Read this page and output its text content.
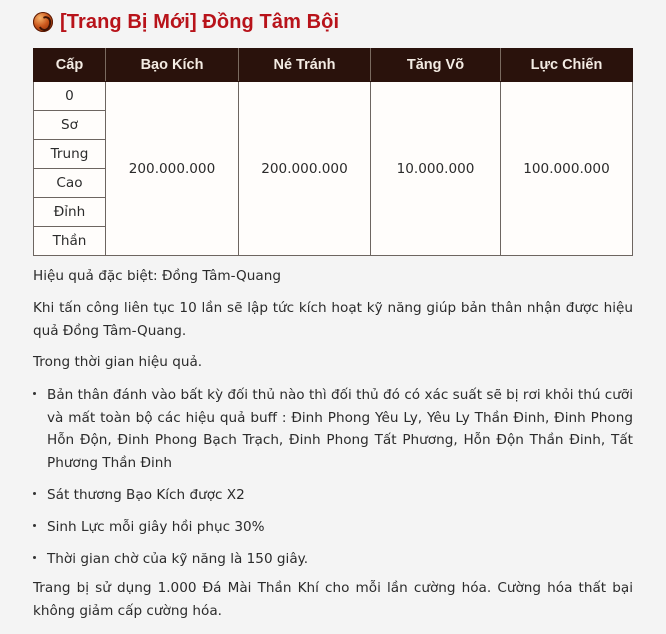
[Trang Bị Mới] Đồng Tâm Bội
Cấp	Bạo Kích	Né Tránh	Tăng Võ	Lực Chiến
0	200.000.000	200.000.000	10.000.000	100.000.000
Sơ				
Trung				
Cao				
Đỉnh				
Thần				

Hiệu quả đặc biệt: Đồng Tâm-Quang

Khi tấn công liên tục 10 lần sẽ lập tức kích hoạt kỹ năng giúp bản thân nhận được hiệu quả Đồng Tâm-Quang.

Trong thời gian hiệu quả.

Bản thân đánh vào bất kỳ đối thủ nào thì đối thủ đó có xác suất sẽ bị rơi khỏi thú cưỡi và mất toàn bộ các hiệu quả buff : Đinh Phong Yêu Ly, Yêu Ly Thần Đinh, Đinh Phong Hỗn Độn, Đinh Phong Bạch Trạch, Đinh Phong Tất Phương, Hỗn Độn Thần Đinh, Tất Phương Thần Đinh
Sát thương Bạo Kích được X2
Sinh Lực mỗi giây hồi phục 30%
Thời gian chờ của kỹ năng là 150 giây.

Trang bị sử dụng 1.000 Đá Mài Thần Khí cho mỗi lần cường hóa. Cường hóa thất bại không giảm cấp cường hóa.
